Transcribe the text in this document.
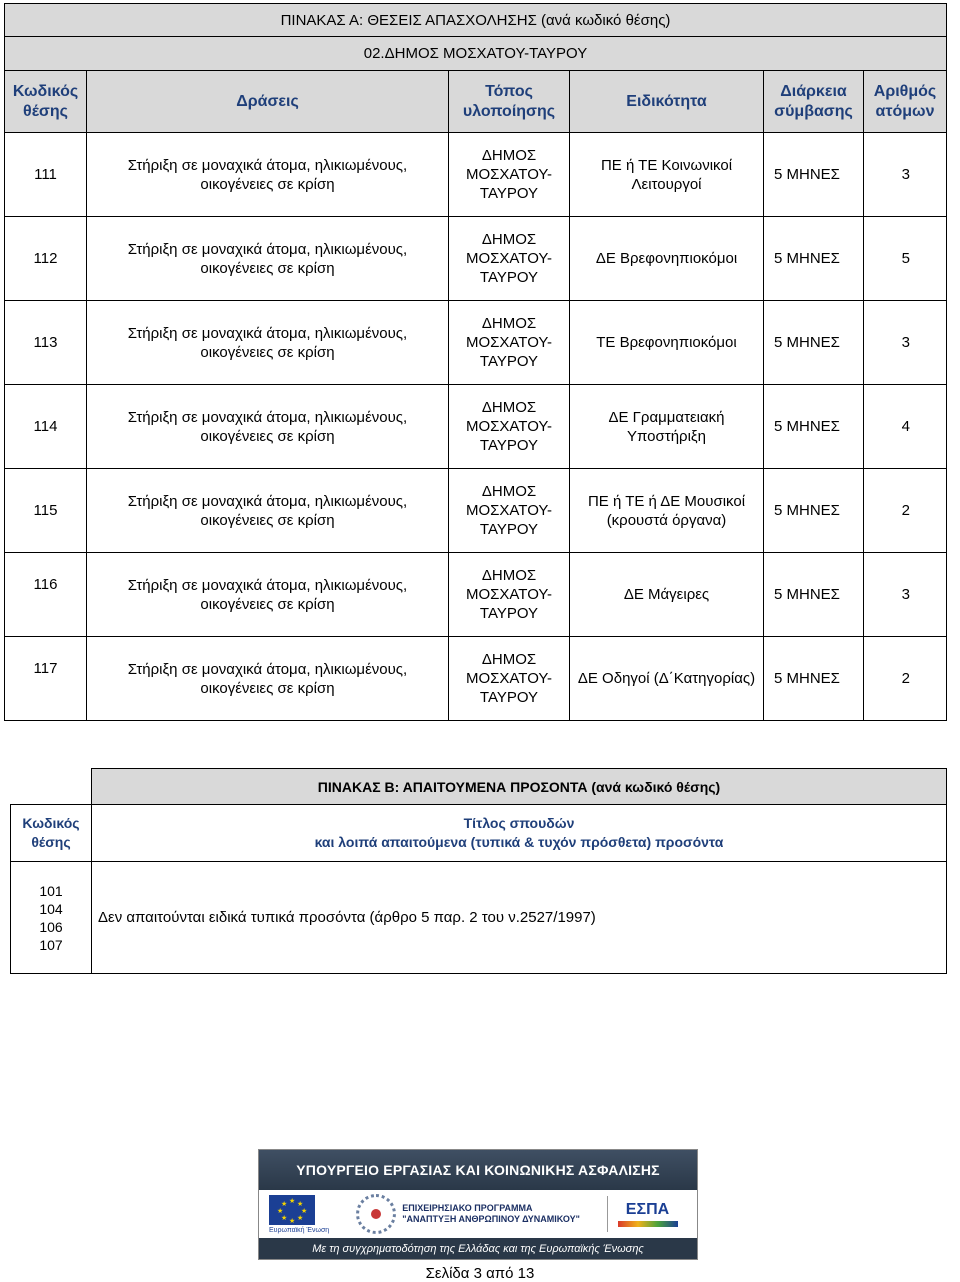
ΠΙΝΑΚΑΣ Α: ΘΕΣΕΙΣ ΑΠΑΣΧΟΛΗΣΗΣ (ανά κωδικό θέσης)					
02.ΔΗΜΟΣ ΜΟΣΧΑΤΟΥ-ΤΑΥΡΟΥ					
Κωδικός θέσης	Δράσεις	Τόπος υλοποίησης	Ειδικότητα	Διάρκεια σύμβασης	Αριθμός ατόμων
111	Στήριξη σε μοναχικά άτομα, ηλικιωμένους, οικογένειες σε κρίση	ΔΗΜΟΣ ΜΟΣΧΑΤΟΥ-ΤΑΥΡΟΥ	ΠΕ ή ΤΕ Κοινωνικοί Λειτουργοί	5 ΜΗΝΕΣ	3
112	Στήριξη σε μοναχικά άτομα, ηλικιωμένους, οικογένειες σε κρίση	ΔΗΜΟΣ ΜΟΣΧΑΤΟΥ-ΤΑΥΡΟΥ	ΔΕ Βρεφονηπιοκόμοι	5 ΜΗΝΕΣ	5
113	Στήριξη σε μοναχικά άτομα, ηλικιωμένους, οικογένειες σε κρίση	ΔΗΜΟΣ ΜΟΣΧΑΤΟΥ-ΤΑΥΡΟΥ	ΤΕ Βρεφονηπιοκόμοι	5 ΜΗΝΕΣ	3
114	Στήριξη σε μοναχικά άτομα, ηλικιωμένους, οικογένειες σε κρίση	ΔΗΜΟΣ ΜΟΣΧΑΤΟΥ-ΤΑΥΡΟΥ	ΔΕ Γραμματειακή Υποστήριξη	5 ΜΗΝΕΣ	4
115	Στήριξη σε μοναχικά άτομα, ηλικιωμένους, οικογένειες σε κρίση	ΔΗΜΟΣ ΜΟΣΧΑΤΟΥ-ΤΑΥΡΟΥ	ΠΕ ή ΤΕ ή ΔΕ Μουσικοί (κρουστά όργανα)	5 ΜΗΝΕΣ	2
116	Στήριξη σε μοναχικά άτομα, ηλικιωμένους, οικογένειες σε κρίση	ΔΗΜΟΣ ΜΟΣΧΑΤΟΥ-ΤΑΥΡΟΥ	ΔΕ Μάγειρες	5 ΜΗΝΕΣ	3
117	Στήριξη σε μοναχικά άτομα, ηλικιωμένους, οικογένειες σε κρίση	ΔΗΜΟΣ ΜΟΣΧΑΤΟΥ-ΤΑΥΡΟΥ	ΔΕ Οδηγοί (Δ΄Κατηγορίας)	5 ΜΗΝΕΣ	2
	ΠΙΝΑΚΑΣ Β: ΑΠΑΙΤΟΥΜΕΝΑ ΠΡΟΣΟΝΤΑ (ανά κωδικό θέσης)
Κωδικός θέσης	Τίτλος σπουδών
και λοιπά απαιτούμενα (τυπικά & τυχόν πρόσθετα) προσόντα

101
104
106
107	Δεν απαιτούνται ειδικά τυπικά προσόντα (άρθρο 5 παρ. 2 του ν.2527/1997)
ΥΠΟΥΡΓΕΙΟ ΕΡΓΑΣΙΑΣ ΚΑΙ ΚΟΙΝΩΝΙΚΗΣ ΑΣΦΑΛΙΣΗΣ
★ ★
★
★
★
★
★
★
Ευρωπαϊκή Ένωση
ΕΠΙΧΕΙΡΗΣΙΑΚΟ ΠΡΟΓΡΑΜΜΑ
"ΑΝΑΠΤΥΞΗ ΑΝΘΡΩΠΙΝΟΥ ΔΥΝΑΜΙΚΟΥ"
ΕΣΠΑ
Με τη συγχρηματοδότηση της Ελλάδας και της Ευρωπαϊκής Ένωσης
Σελίδα 3 από 13
